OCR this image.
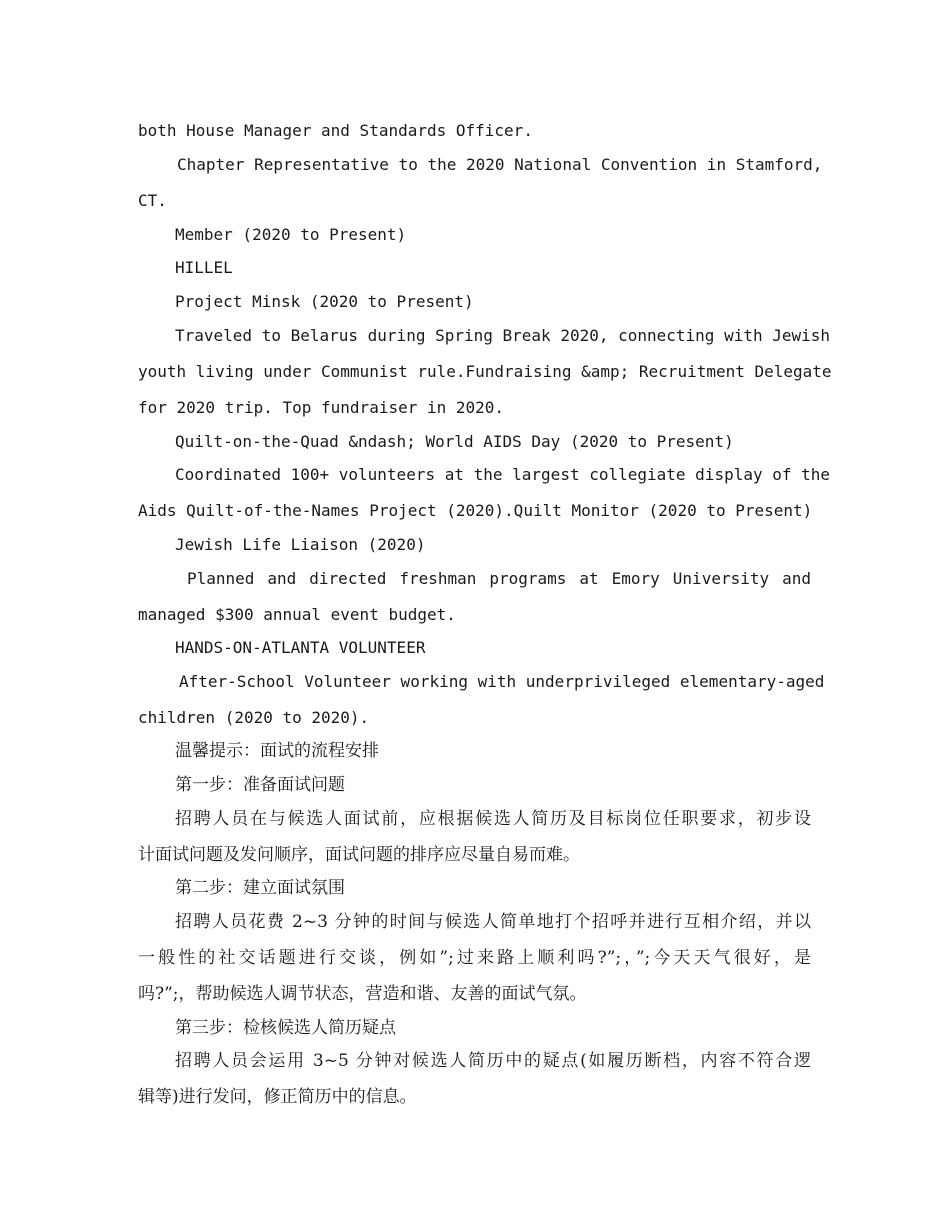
both House Manager and Standards Officer.
Chapter Representative to the 2020 National Convention in Stamford,
CT.
Member (2020 to Present)
HILLEL
Project Minsk (2020 to Present)
Traveled to Belarus during Spring Break 2020, connecting with Jewish
youth living under Communist rule.Fundraising &amp; Recruitment Delegate
for 2020 trip. Top fundraiser in 2020.
Quilt-on-the-Quad &ndash; World AIDS Day (2020 to Present)
Coordinated 100+ volunteers at the largest collegiate display of the
Aids Quilt-of-the-Names Project (2020).Quilt Monitor (2020 to Present)
Jewish Life Liaison (2020)
Planned and directed freshman programs at Emory University and
managed $300 annual event budget.
HANDS-ON-ATLANTA VOLUNTEER
After-School Volunteer working with underprivileged elementary-aged
children (2020 to 2020).
温馨提示：面试的流程安排
第一步：准备面试问题
招聘人员在与候选人面试前，应根据候选人简历及目标岗位任职要求，初步设
计面试问题及发问顺序，面试问题的排序应尽量自易而难。
第二步：建立面试氛围
招聘人员花费 2~3 分钟的时间与候选人简单地打个招呼并进行互相介绍，并以
一般性的社交话题进行交谈，例如”;过来路上顺利吗?”;，”;今天天气很好，是
吗?”;，帮助候选人调节状态，营造和谐、友善的面试气氛。
第三步：检核候选人简历疑点
招聘人员会运用 3~5 分钟对候选人简历中的疑点(如履历断档，内容不符合逻
辑等)进行发问，修正简历中的信息。
